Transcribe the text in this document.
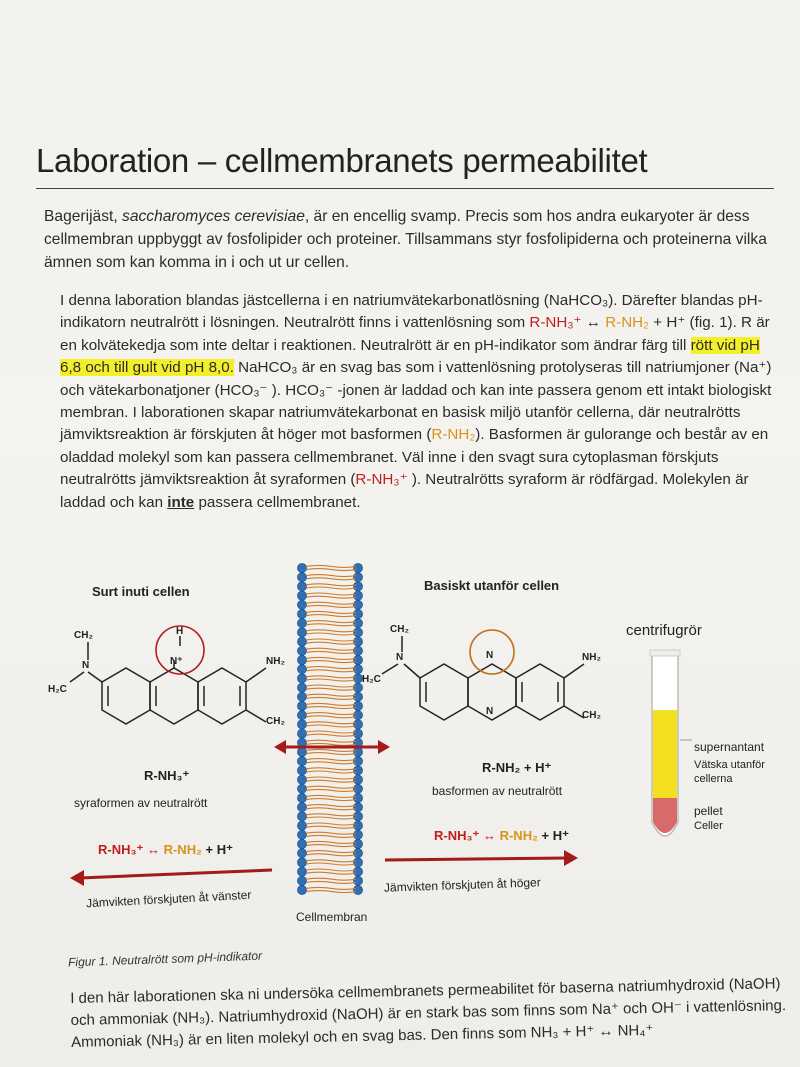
Laboration – cellmembranets permeabilitet
Bagerijäst, saccharomyces cerevisiae, är en encellig svamp. Precis som hos andra eukaryoter är dess cellmembran uppbyggt av fosfolipider och proteiner. Tillsammans styr fosfolipiderna och proteinerna vilka ämnen som kan komma in i och ut ur cellen.
I denna laboration blandas jästcellerna i en natriumvätekarbonatlösning (NaHCO₃). Därefter blandas pH-indikatorn neutralrött i lösningen. Neutralrött finns i vattenlösning som R-NH₃⁺ ↔ R-NH₂ + H⁺ (fig. 1). R är en kolvätekedja som inte deltar i reaktionen. Neutralrött är en pH-indikator som ändrar färg till rött vid pH 6,8 och till gult vid pH 8,0. NaHCO₃ är en svag bas som i vattenlösning protolyseras till natriumjoner (Na⁺) och vätekarbonatjoner (HCO₃⁻ ). HCO₃⁻ -jonen är laddad och kan inte passera genom ett intakt biologiskt membran. I laborationen skapar natriumvätekarbonat en basisk miljö utanför cellerna, där neutralrötts jämviktsreaktion är förskjuten åt höger mot basformen (R-NH₂). Basformen är gulorange och består av en oladdad molekyl som kan passera cellmembranet. Väl inne i den svagt sura cytoplasman förskjuts neutralrötts jämviktsreaktion åt syraformen (R-NH₃⁺ ). Neutralrötts syraform är rödfärgad. Molekylen är laddad och kan inte passera cellmembranet.
Surt inuti cellen	Basiskt utanför cellen
centrifugrör
CH₂	H
N	N⁺
H₂C
NH₂
CH₂
CH₂
N	N
N
H₂C
NH₂
CH₂
R-NH₃⁺
syraformen av neutralrött
R-NH₃⁺ ↔ R-NH₂ + H⁺
Jämvikten förskjuten åt vänster
R-NH₂ + H⁺
basformen av neutralrött
R-NH₃⁺ ↔ R-NH₂ + H⁺
Jämvikten förskjuten åt höger
Cellmembran
supernantant
Vätska utanför cellerna
pellet
Celler
Figur 1. Neutralrött som pH-indikator
I den här laborationen ska ni undersöka cellmembranets permeabilitet för baserna natriumhydroxid (NaOH) och ammoniak (NH₃). Natriumhydroxid (NaOH) är en stark bas som finns som Na⁺ och OH⁻ i vattenlösning. Ammoniak (NH₃) är en liten molekyl och en svag bas. Den finns som NH₃ + H⁺ ↔ NH₄⁺
